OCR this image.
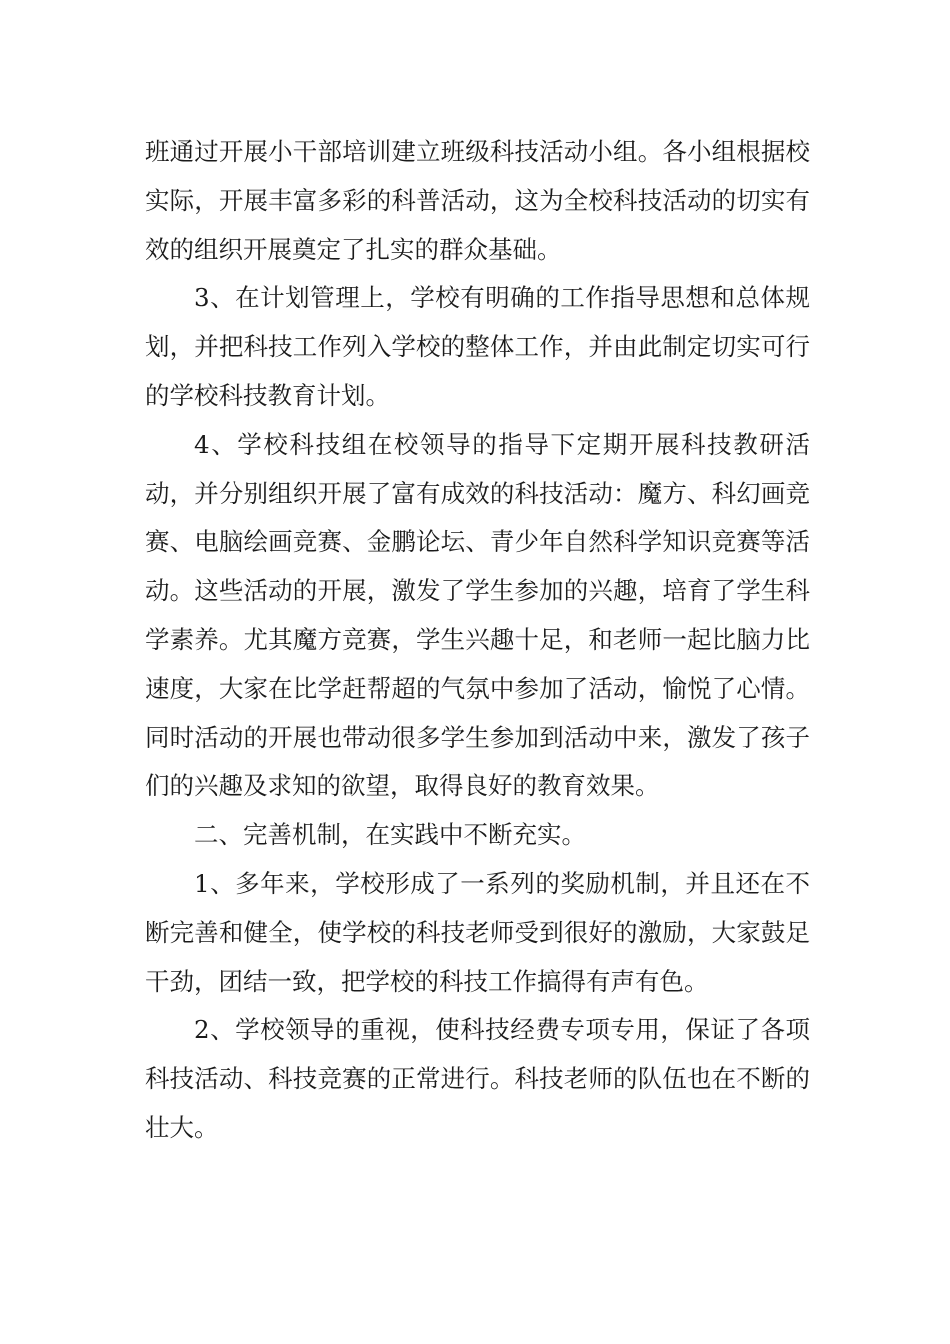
班通过开展小干部培训建立班级科技活动小组。各小组根据校实际，开展丰富多彩的科普活动，这为全校科技活动的切实有效的组织开展奠定了扎实的群众基础。

3、在计划管理上，学校有明确的工作指导思想和总体规划，并把科技工作列入学校的整体工作，并由此制定切实可行的学校科技教育计划。

4、学校科技组在校领导的指导下定期开展科技教研活动，并分别组织开展了富有成效的科技活动：魔方、科幻画竞赛、电脑绘画竞赛、金鹏论坛、青少年自然科学知识竞赛等活动。这些活动的开展，激发了学生参加的兴趣，培育了学生科学素养。尤其魔方竞赛，学生兴趣十足，和老师一起比脑力比速度，大家在比学赶帮超的气氛中参加了活动，愉悦了心情。同时活动的开展也带动很多学生参加到活动中来，激发了孩子们的兴趣及求知的欲望，取得良好的教育效果。

二、完善机制，在实践中不断充实。

1、多年来，学校形成了一系列的奖励机制，并且还在不断完善和健全，使学校的科技老师受到很好的激励，大家鼓足干劲，团结一致，把学校的科技工作搞得有声有色。

2、学校领导的重视，使科技经费专项专用，保证了各项科技活动、科技竞赛的正常进行。科技老师的队伍也在不断的壮大。
